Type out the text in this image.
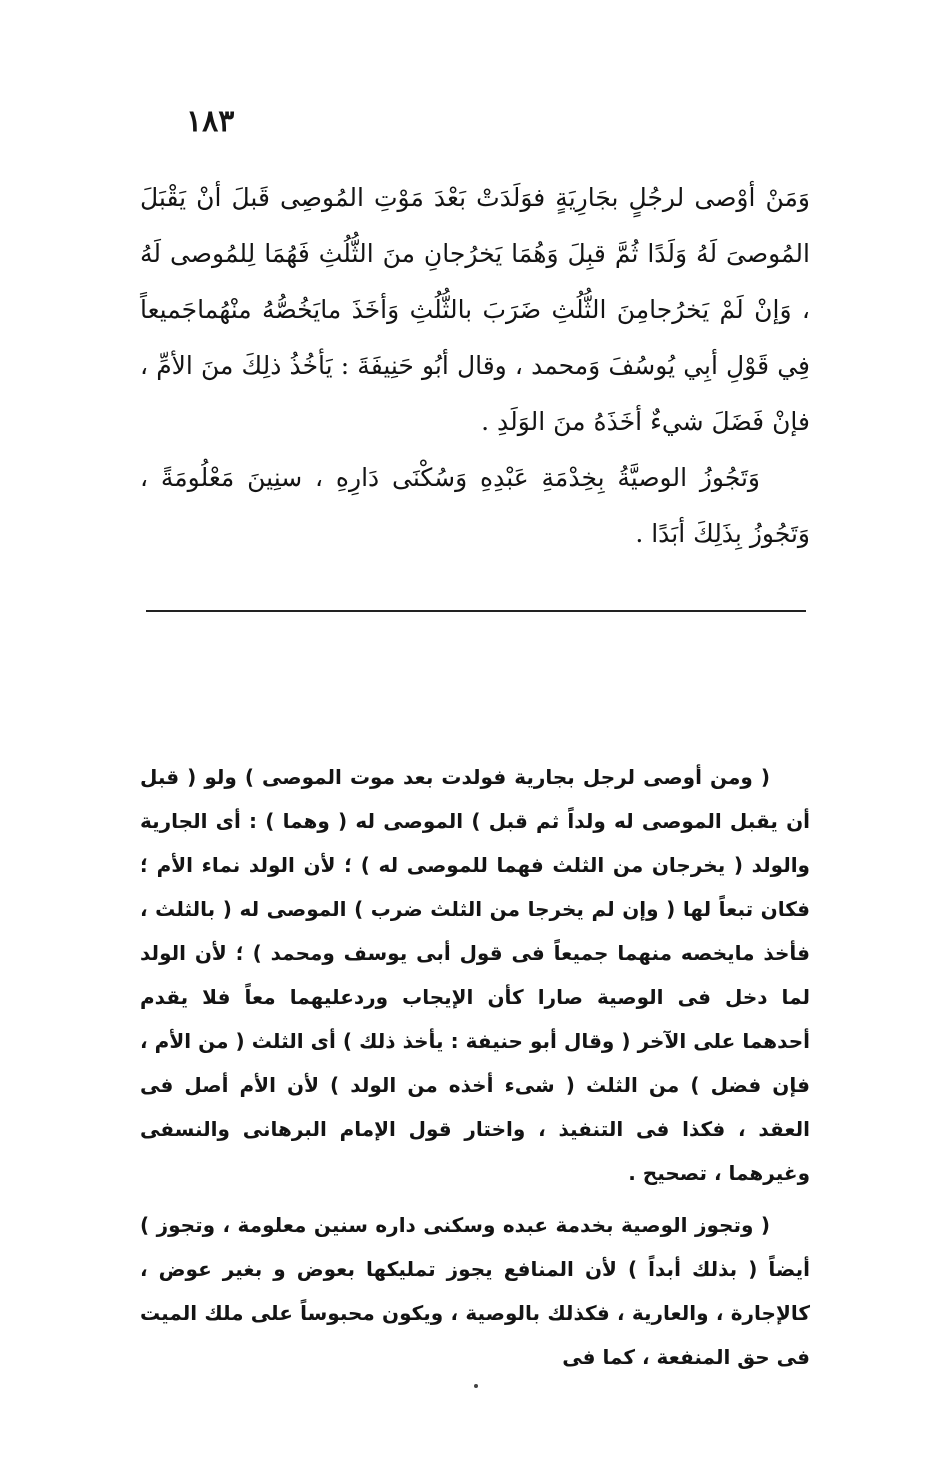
١٨٣

وَمَنْ أوْصى لرجُلٍ بجَارِيَةٍ فوَلَدَتْ بَعْدَ مَوْتِ المُوصِى قَبلَ أنْ يَقْبَلَ المُوصىَ لَهُ وَلَدًا ثُمَّ قبِلَ وَهُمَا يَخرُجانِ منَ الثُّلُثِ فَهُمَا لِلمُوصى لَهُ ، وَإنْ لَمْ يَخرُجامِنَ الثُّلُثِ ضَرَبَ بالثُّلُثِ وَأخَذَ مايَخُصُّهُ منْهُماجَميعاً فِي قَوْلِ أبِي يُوسُفَ وَمحمد ، وقال أبُو حَنِيفَةَ : يَأخُذُ ذلِكَ منَ الأمِّ ، فإنْ فَضَلَ شيءٌ أخَذَهُ منَ الوَلَدِ .

وَتَجُوزُ الوصيَّةُ بِخِدْمَةِ عَبْدِهِ وَسُكْنَى دَارِهِ ، سنِينَ مَعْلُومَةً ، وَتَجُوزُ بِذَلِكَ أبَدًا .

( ومن أوصى لرجل بجارية فولدت بعد موت الموصى ) ولو ( قبل أن يقبل الموصى له ولداً ثم قبل ) الموصى له ( وهما ) : أى الجارية والولد ( يخرجان من الثلث فهما للموصى له ) ؛ لأن الولد نماء الأم ؛ فكان تبعاً لها ( وإن لم يخرجا من الثلث ضرب ) الموصى له ( بالثلث ، فأخذ مايخصه منهما جميعاً فى قول أبى يوسف ومحمد ) ؛ لأن الولد لما دخل فى الوصية صارا كأن الإيجاب وردعليهما معاً فلا يقدم أحدهما على الآخر ( وقال أبو حنيفة : يأخذ ذلك ) أى الثلث ( من الأم ، فإن فضل ) من الثلث ( شىء أخذه من الولد ) لأن الأم أصل فى العقد ، فكذا فى التنفيذ ، واختار قول الإمام البرهانى والنسفى وغيرهما ، تصحيح .

( وتجوز الوصية بخدمة عبده وسكنى داره سنين معلومة ، وتجوز ) أيضاً ( بذلك أبداً ) لأن المنافع يجوز تمليكها بعوض و بغير عوض ، كالإجارة ، والعارية ، فكذلك بالوصية ، ويكون محبوساً على ملك الميت فى حق المنفعة ، كما فى
